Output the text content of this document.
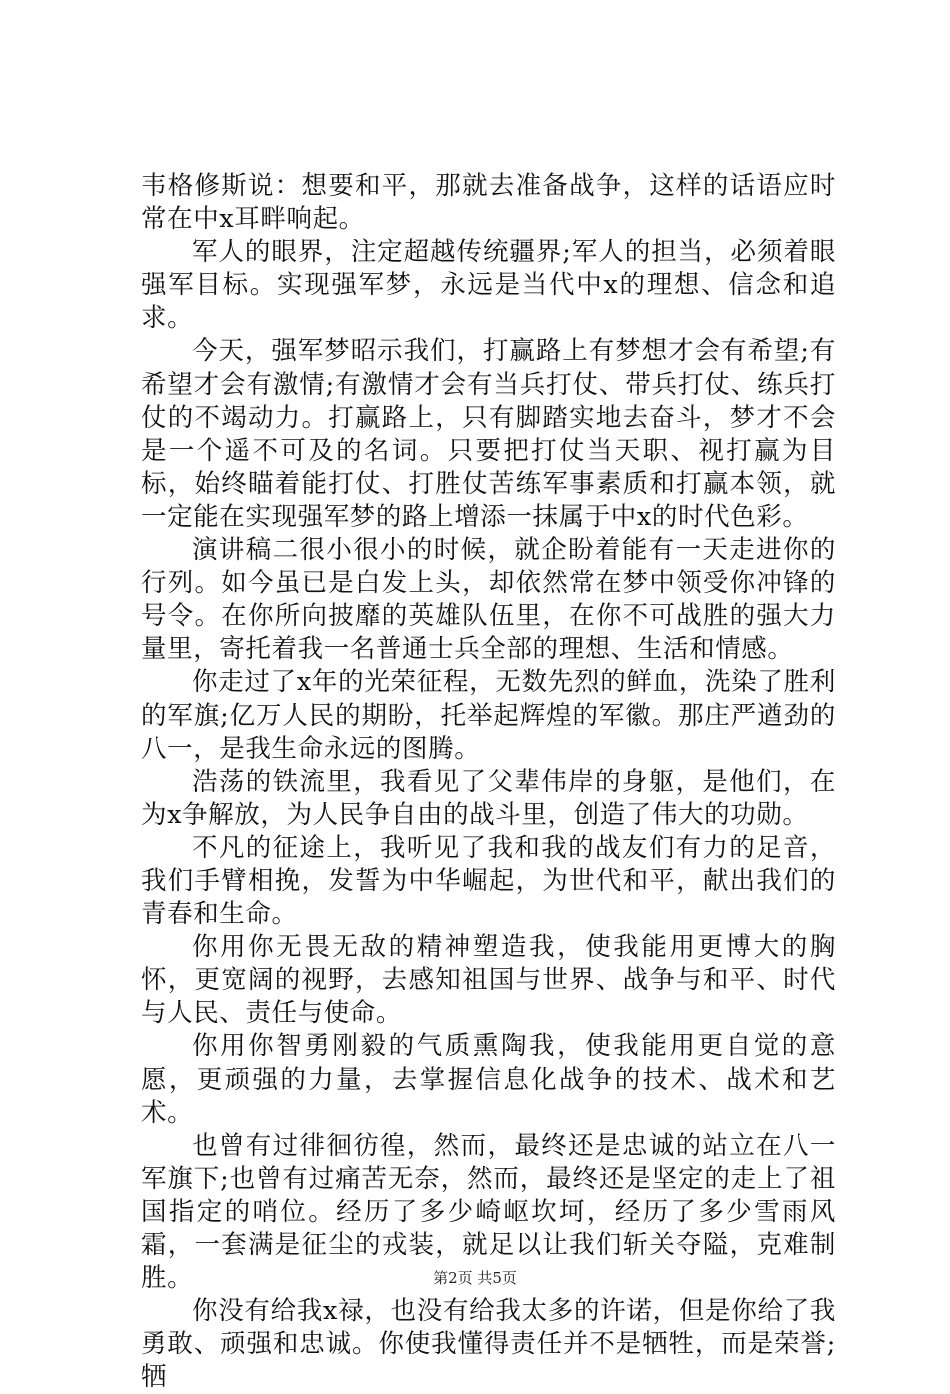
韦格修斯说：想要和平，那就去准备战争，这样的话语应时常在中x耳畔响起。

军人的眼界，注定超越传统疆界;军人的担当，必须着眼强军目标。实现强军梦，永远是当代中x的理想、信念和追求。

今天，强军梦昭示我们，打赢路上有梦想才会有希望;有希望才会有激情;有激情才会有当兵打仗、带兵打仗、练兵打仗的不竭动力。打赢路上，只有脚踏实地去奋斗，梦才不会是一个遥不可及的名词。只要把打仗当天职、视打赢为目标，始终瞄着能打仗、打胜仗苦练军事素质和打赢本领，就一定能在实现强军梦的路上增添一抹属于中x的时代色彩。

演讲稿二很小很小的时候，就企盼着能有一天走进你的行列。如今虽已是白发上头，却依然常在梦中领受你冲锋的号令。在你所向披靡的英雄队伍里，在你不可战胜的强大力量里，寄托着我一名普通士兵全部的理想、生活和情感。

你走过了x年的光荣征程，无数先烈的鲜血，洗染了胜利的军旗;亿万人民的期盼，托举起辉煌的军徽。那庄严遒劲的八一，是我生命永远的图腾。

浩荡的铁流里，我看见了父辈伟岸的身躯，是他们，在为x争解放，为人民争自由的战斗里，创造了伟大的功勋。

不凡的征途上，我听见了我和我的战友们有力的足音，我们手臂相挽，发誓为中华崛起，为世代和平，献出我们的青春和生命。

你用你无畏无敌的精神塑造我，使我能用更博大的胸怀，更宽阔的视野，去感知祖国与世界、战争与和平、时代与人民、责任与使命。

你用你智勇刚毅的气质熏陶我，使我能用更自觉的意愿，更顽强的力量，去掌握信息化战争的技术、战术和艺术。

也曾有过徘徊彷徨，然而，最终还是忠诚的站立在八一军旗下;也曾有过痛苦无奈，然而，最终还是坚定的走上了祖国指定的哨位。经历了多少崎岖坎坷，经历了多少雪雨风霜，一套满是征尘的戎装，就足以让我们斩关夺隘，克难制胜。

你没有给我x禄，也没有给我太多的许诺，但是你给了我勇敢、顽强和忠诚。你使我懂得责任并不是牺牲，而是荣誉;牺

第2页 共5页
